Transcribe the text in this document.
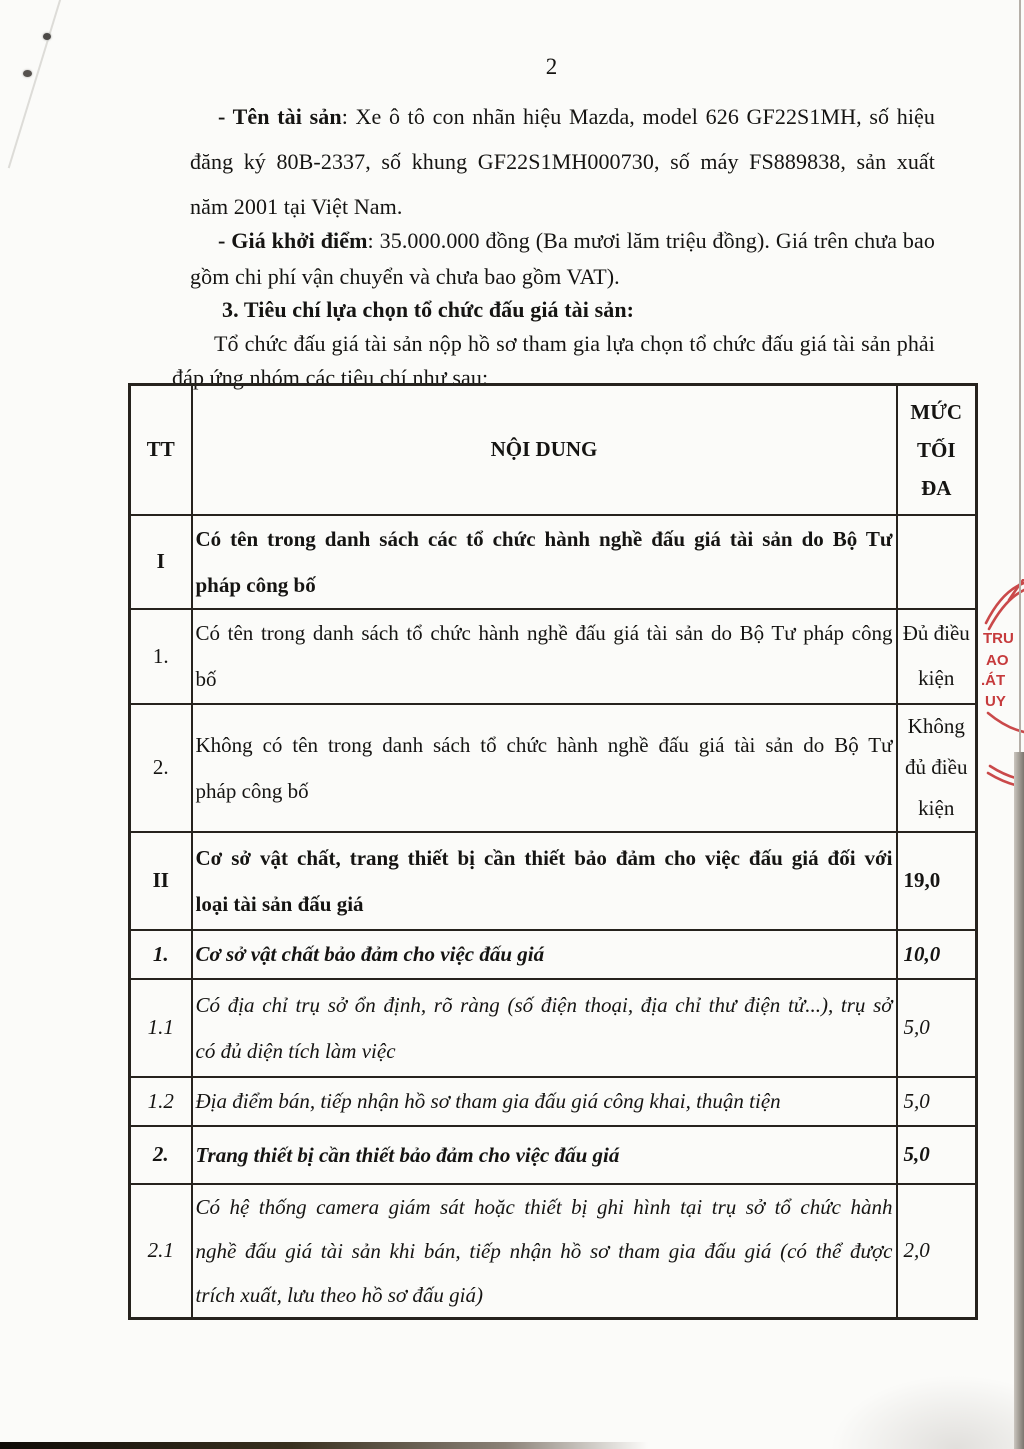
2
- Tên tài sản: Xe ô tô con nhãn hiệu Mazda, model 626 GF22S1MH, số hiệu
đăng ký 80B-2337, số khung GF22S1MH000730, số máy FS889838, sản xuất
năm 2001 tại Việt Nam.
- Giá khởi điểm: 35.000.000 đồng (Ba mươi lăm triệu đồng). Giá trên chưa bao
gồm chi phí vận chuyển và chưa bao gồm VAT).
3. Tiêu chí lựa chọn tổ chức đấu giá tài sản:
Tổ chức đấu giá tài sản nộp hồ sơ tham gia lựa chọn tổ chức đấu giá tài sản phải
đáp ứng nhóm các tiêu chí như sau:
TT	NỘI DUNG	MỨC TỐI ĐA
I	Có tên trong danh sách các tổ chức hành nghề đấu giá tài sản do Bộ Tư
pháp công bố	

1.	Có tên trong danh sách tổ chức hành nghề đấu giá tài sản do Bộ Tư pháp công
bố	Đủ điều kiện
2.	Không có tên trong danh sách tổ chức hành nghề đấu giá tài sản do Bộ Tư
pháp công bố	Không đủ điều kiện
II	Cơ sở vật chất, trang thiết bị cần thiết bảo đảm cho việc đấu giá đối với
loại tài sản đấu giá	19,0
1.	Cơ sở vật chất bảo đảm cho việc đấu giá	10,0
1.1	Có địa chỉ trụ sở ổn định, rõ ràng (số điện thoại, địa chỉ thư điện tử...), trụ sở
có đủ diện tích làm việc	5,0
1.2	Địa điểm bán, tiếp nhận hồ sơ tham gia đấu giá công khai, thuận tiện	5,0
2.	Trang thiết bị cần thiết bảo đảm cho việc đấu giá	5,0
2.1	Có hệ thống camera giám sát hoặc thiết bị ghi hình tại trụ sở tổ chức hành
nghề đấu giá tài sản khi bán, tiếp nhận hồ sơ tham gia đấu giá (có thể được
trích xuất, lưu theo hồ sơ đấu giá)	2,0
TRU
AO
.ÁT
UY
